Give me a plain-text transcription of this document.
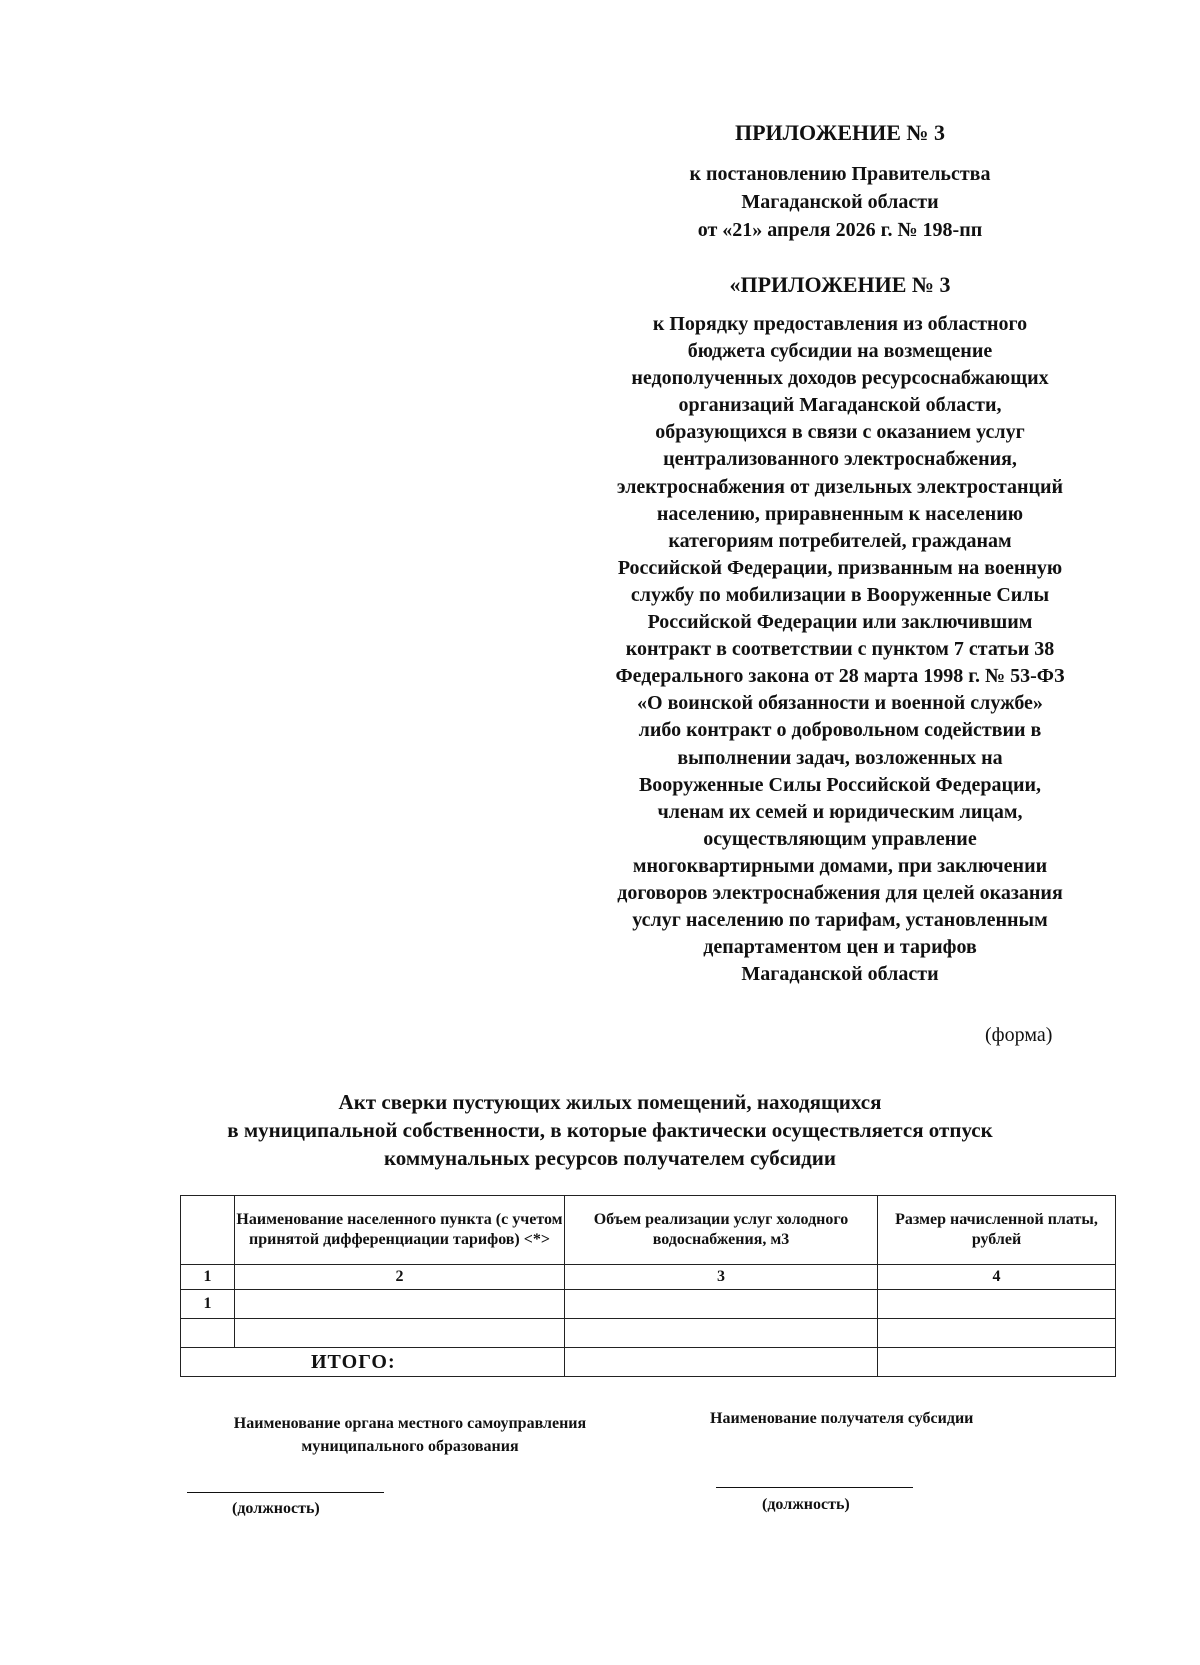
ПРИЛОЖЕНИЕ № 3
к постановлению Правительства
Магаданской области
от «21» апреля 2026 г. № 198-пп
«ПРИЛОЖЕНИЕ № 3
к Порядку предоставления из областного
бюджета субсидии на возмещение
недополученных доходов ресурсоснабжающих
организаций Магаданской области,
образующихся в связи с оказанием услуг
централизованного электроснабжения,
электроснабжения от дизельных электростанций
населению, приравненным к населению
категориям потребителей, гражданам
Российской Федерации, призванным на военную
службу по мобилизации в Вооруженные Силы
Российской Федерации или заключившим
контракт в соответствии с пунктом 7 статьи 38
Федерального закона от 28 марта 1998 г. № 53-ФЗ
«О воинской обязанности и военной службе»
либо контракт о добровольном содействии в
выполнении задач, возложенных на
Вооруженные Силы Российской Федерации,
членам их семей и юридическим лицам,
осуществляющим управление
многоквартирными домами, при заключении
договоров электроснабжения для целей оказания
услуг населению по тарифам, установленным
департаментом цен и тарифов
Магаданской области
(форма)
Акт сверки пустующих жилых помещений, находящихся
в муниципальной собственности, в которые фактически осуществляется отпуск
коммунальных ресурсов получателем субсидии
	Наименование населенного пункта (с учетом принятой дифференциации тарифов) <*>	Объем реализации услуг холодного водоснабжения, м3	Размер начисленной платы, рублей
1	2	3	4
1			

ИТОГО:			
Наименование органа местного самоуправления
муниципального образования
Наименование получателя субсидии
(должность)	(должность)
